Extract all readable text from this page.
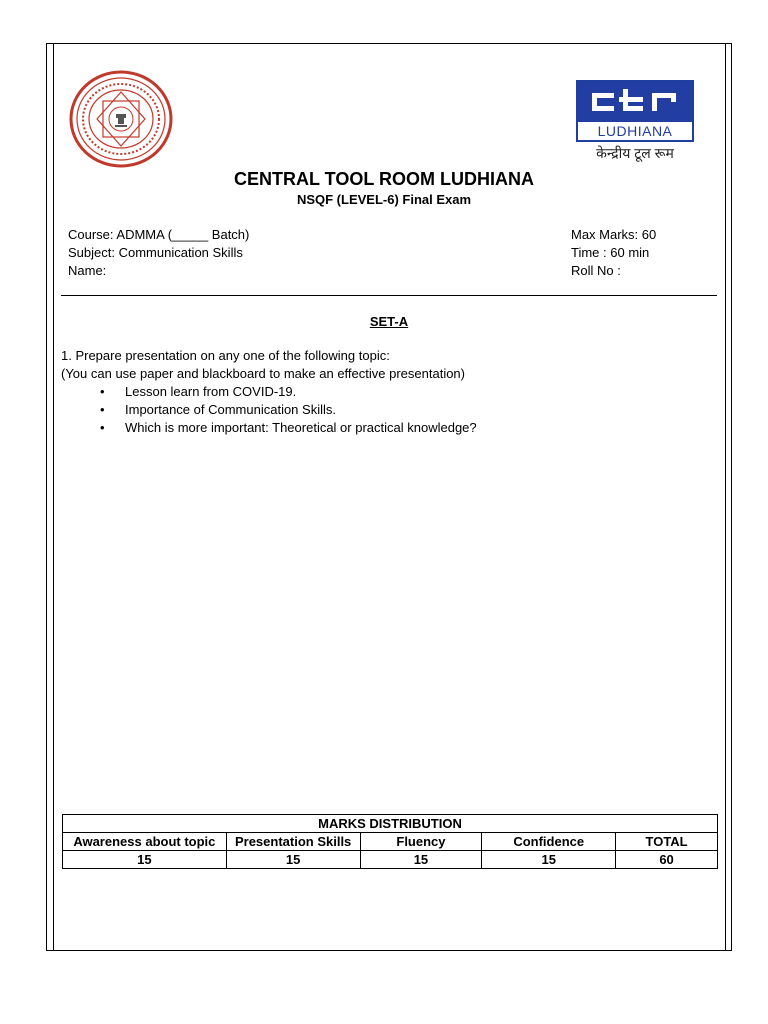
LUDHIANA
केन्द्रीय टूल रूम
CENTRAL TOOL ROOM LUDHIANA
NSQF (LEVEL-6) Final Exam
Course: ADMMA (_____ Batch)
Subject: Communication Skills
Name:
Max Marks: 60
Time : 60 min
Roll No :
SET-A
1. Prepare presentation on any one of the following topic:
(You can use paper and blackboard to make an effective presentation)
• Lesson learn from COVID-19.
• Importance of Communication Skills.
• Which is more important: Theoretical or practical knowledge?
MARKS DISTRIBUTION				
Awareness about topic	Presentation Skills	Fluency	Confidence	TOTAL
15	15	15	15	60
